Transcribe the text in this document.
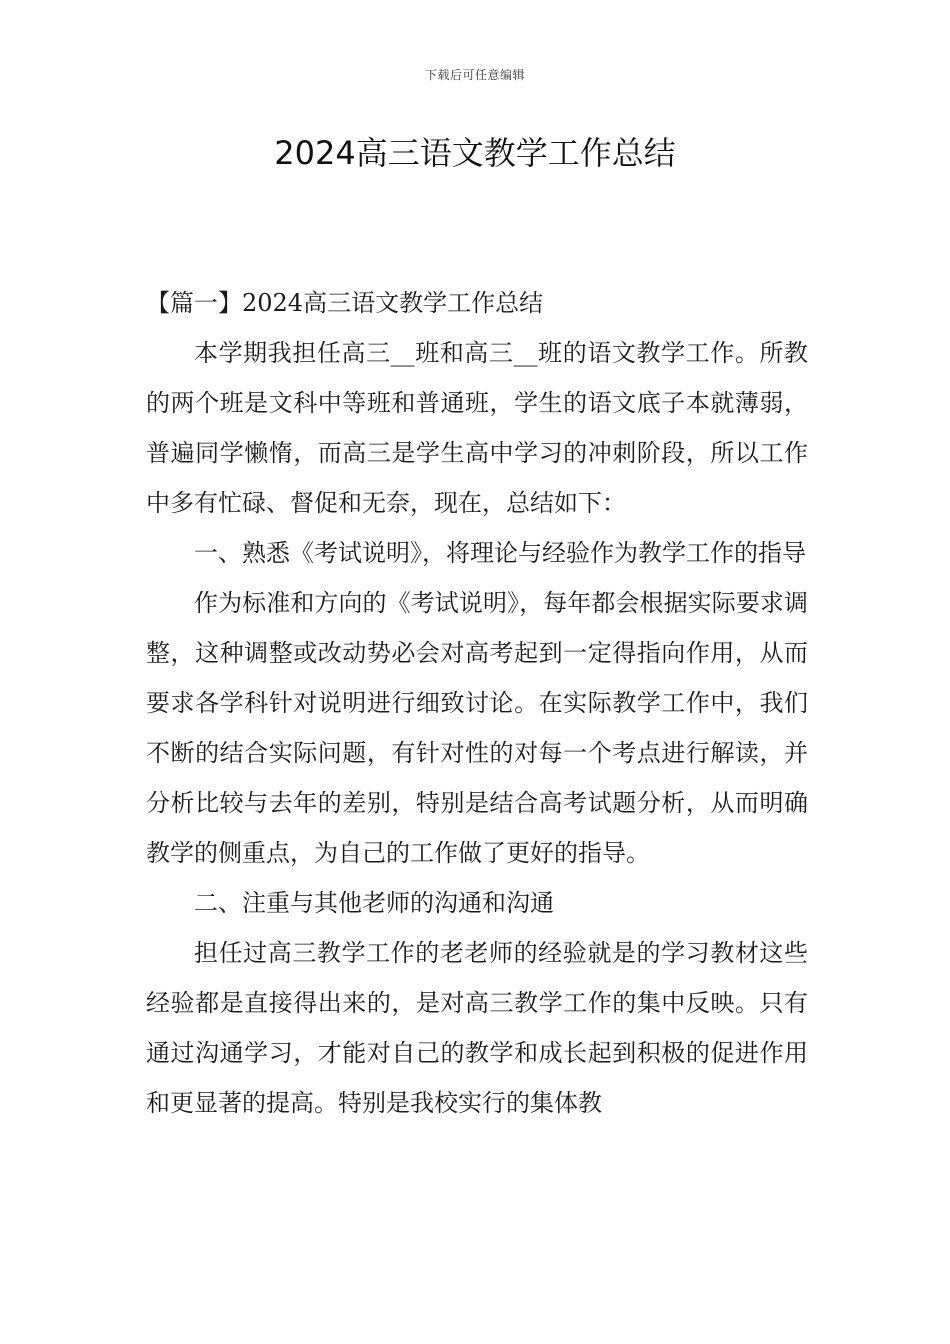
下载后可任意编辑
2024高三语文教学工作总结

【篇一】2024高三语文教学工作总结

本学期我担任高三__班和高三__班的语文教学工作。所教的两个班是文科中等班和普通班，学生的语文底子本就薄弱，普遍同学懒惰，而高三是学生高中学习的冲刺阶段，所以工作中多有忙碌、督促和无奈，现在，总结如下：

一、熟悉《考试说明》，将理论与经验作为教学工作的指导

作为标准和方向的《考试说明》，每年都会根据实际要求调整，这种调整或改动势必会对高考起到一定得指向作用，从而要求各学科针对说明进行细致讨论。在实际教学工作中，我们不断的结合实际问题，有针对性的对每一个考点进行解读，并分析比较与去年的差别，特别是结合高考试题分析，从而明确教学的侧重点，为自己的工作做了更好的指导。

二、注重与其他老师的沟通和沟通

担任过高三教学工作的老老师的经验就是的学习教材这些经验都是直接得出来的，是对高三教学工作的集中反映。只有通过沟通学习，才能对自己的教学和成长起到积极的促进作用和更显著的提高。特别是我校实行的集体教
